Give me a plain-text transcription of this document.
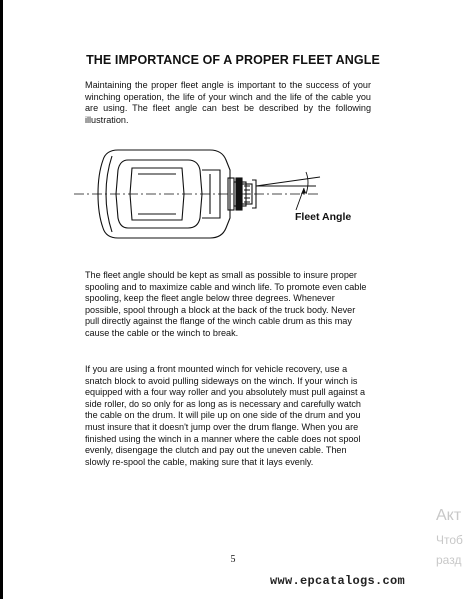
THE IMPORTANCE OF A PROPER FLEET ANGLE

Maintaining the proper fleet angle is important to the success of your winching operation, the life of your winch and the life of the cable you are using. The fleet angle can best be described by the following illustration.

Fleet Angle

The fleet angle should be kept as small as possible to insure proper spooling and to maximize cable and winch life. To promote even cable spooling, keep the fleet angle below three degrees. Whenever possible, spool through a block at the back of the truck body. Never pull directly against the flange of the winch cable drum as this may cause the cable or the winch to break.

If you are using a front mounted winch for vehicle recovery, use a snatch block to avoid pulling sideways on the winch. If your winch is equipped with a four way roller and you absolutely must pull against a side roller, do so only for as long as is necessary and carefully watch the cable on the drum. It will pile up on one side of the drum and you must insure that it doesn't jump over the drum flange. When you are finished using the winch in a manner where the cable does not spool evenly, disengage the clutch and pay out the uneven cable. Then slowly re-spool the cable, making sure that it lays evenly.

Акт
Чтоб
разд
5
www.epcatalogs.com
